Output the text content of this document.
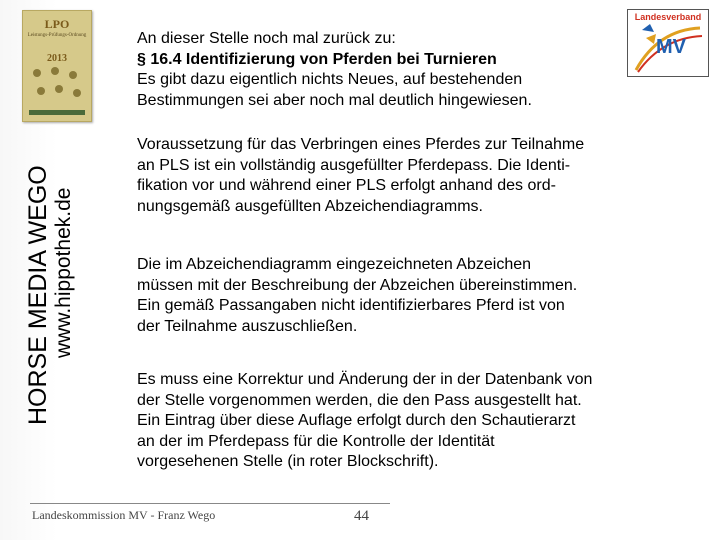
LPO
Leistungs-Prüfungs-Ordnung
2013
HORSE MEDIA WEGO www.hippothek.de
Landesverband
MV
An dieser Stelle noch mal zurück zu:
§ 16.4 Identifizierung von Pferden bei Turnieren
Es gibt dazu eigentlich nichts Neues, auf bestehenden
Bestimmungen sei aber noch mal deutlich hingewiesen.
Voraussetzung für das Verbringen eines Pferdes zur Teilnahme
an PLS ist ein vollständig ausgefüllter Pferdepass. Die Identi-
fikation vor und während einer PLS erfolgt anhand des ord-
nungsgemäß ausgefüllten Abzeichendiagramms.
Die im Abzeichendiagramm eingezeichneten Abzeichen
müssen mit der Beschreibung der Abzeichen übereinstimmen.
Ein gemäß Passangaben nicht identifizierbares Pferd ist von
der Teilnahme auszuschließen.
Es muss eine Korrektur und Änderung der in der Datenbank von
der Stelle vorgenommen werden, die den Pass ausgestellt hat.
Ein Eintrag über diese Auflage erfolgt durch den Schautierarzt
an der im Pferdepass für die Kontrolle der Identität
vorgesehenen Stelle (in roter Blockschrift).
Landeskommission MV - Franz Wego	44
